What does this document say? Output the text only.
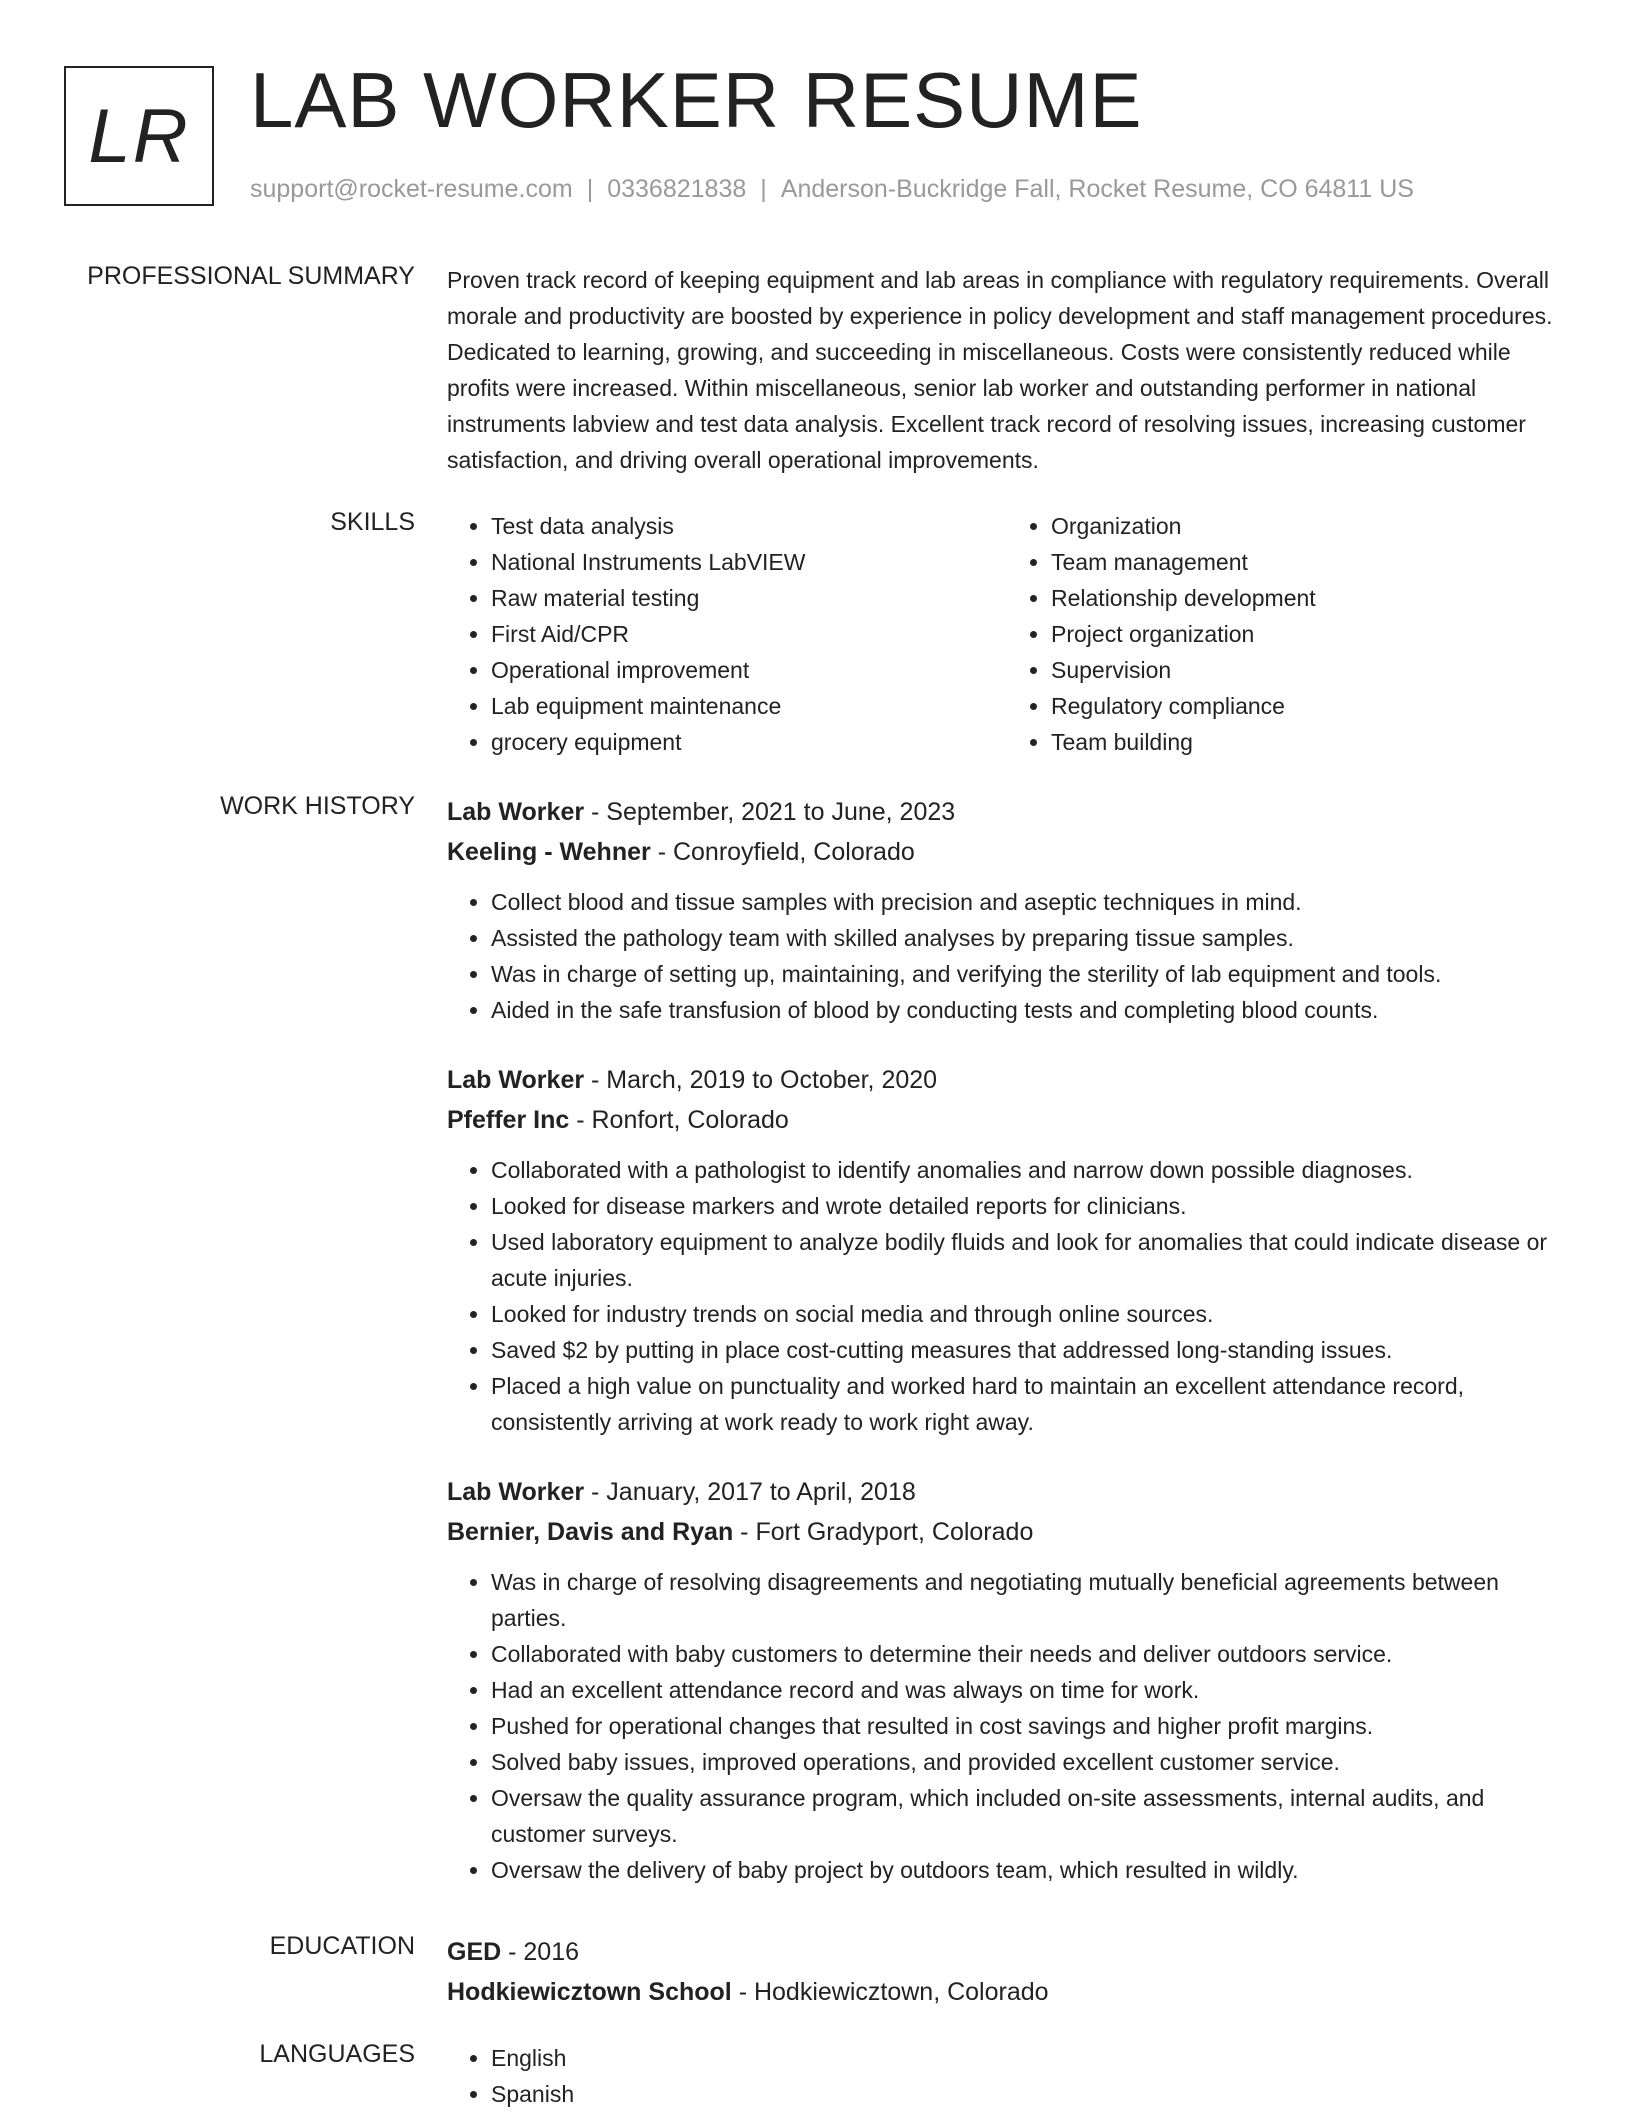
LR LAB WORKER RESUME
support@rocket-resume.com | 0336821838 | Anderson-Buckridge Fall, Rocket Resume, CO 64811 US
PROFESSIONAL SUMMARY Proven track record of keeping equipment and lab areas in compliance with regulatory requirements. Overall morale and productivity are boosted by experience in policy development and staff management procedures. Dedicated to learning, growing, and succeeding in miscellaneous. Costs were consistently reduced while profits were increased. Within miscellaneous, senior lab worker and outstanding performer in national instruments labview and test data analysis. Excellent track record of resolving issues, increasing customer satisfaction, and driving overall operational improvements.

SKILLS	• Test data analysis
• National Instruments LabVIEW
• Raw material testing
• First Aid/CPR
• Operational improvement
• Lab equipment maintenance
• grocery equipment
• Organization
• Team management
• Relationship development
• Project organization
• Supervision
• Regulatory compliance
• Team building
WORK HISTORY Lab Worker - September, 2021 to June, 2023
Keeling - Wehner - Conroyfield, Colorado
• Collect blood and tissue samples with precision and aseptic techniques in mind.
• Assisted the pathology team with skilled analyses by preparing tissue samples.
• Was in charge of setting up, maintaining, and verifying the sterility of lab equipment and tools.
• Aided in the safe transfusion of blood by conducting tests and completing blood counts.
Lab Worker - March, 2019 to October, 2020
Pfeffer Inc - Ronfort, Colorado
• Collaborated with a pathologist to identify anomalies and narrow down possible diagnoses.
• Looked for disease markers and wrote detailed reports for clinicians.
• Used laboratory equipment to analyze bodily fluids and look for anomalies that could indicate disease or acute injuries.
• Looked for industry trends on social media and through online sources.
• Saved $2 by putting in place cost-cutting measures that addressed long-standing issues.
• Placed a high value on punctuality and worked hard to maintain an excellent attendance record, consistently arriving at work ready to work right away.
Lab Worker - January, 2017 to April, 2018
Bernier, Davis and Ryan - Fort Gradyport, Colorado
• Was in charge of resolving disagreements and negotiating mutually beneficial agreements between parties.
• Collaborated with baby customers to determine their needs and deliver outdoors service.
• Had an excellent attendance record and was always on time for work.
• Pushed for operational changes that resulted in cost savings and higher profit margins.
• Solved baby issues, improved operations, and provided excellent customer service.
• Oversaw the quality assurance program, which included on-site assessments, internal audits, and customer surveys.
• Oversaw the delivery of baby project by outdoors team, which resulted in wildly.
EDUCATION GED - 2016
Hodkiewicztown School - Hodkiewicztown, Colorado
LANGUAGES	• English
• Spanish
